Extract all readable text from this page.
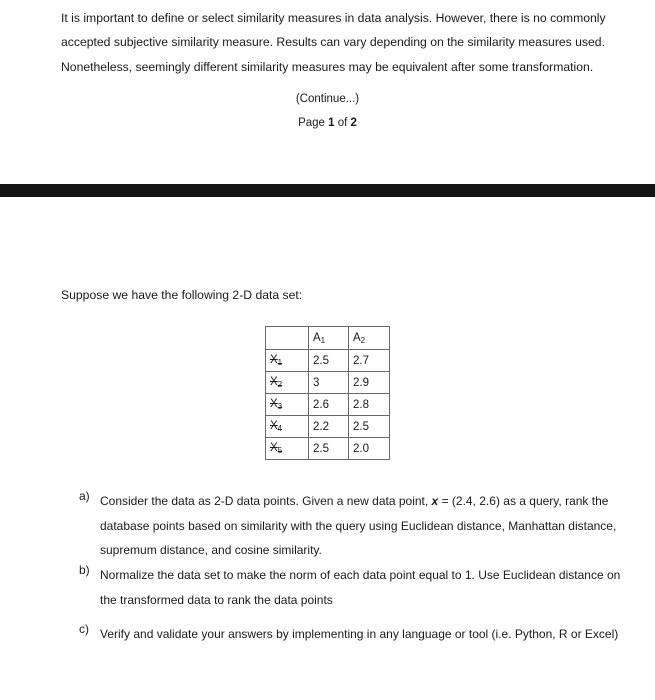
It is important to define or select similarity measures in data analysis. However, there is no commonly accepted subjective similarity measure. Results can vary depending on the similarity measures used. Nonetheless, seemingly different similarity measures may be equivalent after some transformation.
(Continue...)
Page 1 of 2
Suppose we have the following 2-D data set:
	$A_1$	$A_2$
$X_1$	2.5	2.7
$X_2$	3	2.9
$X_3$	2.6	2.8
$X_4$	2.2	2.5
$X_5$	2.5	2.0
a) Consider the data as 2-D data points. Given a new data point, x = (2.4, 2.6) as a query, rank the database points based on similarity with the query using Euclidean distance, Manhattan distance, supremum distance, and cosine similarity.
b) Normalize the data set to make the norm of each data point equal to 1. Use Euclidean distance on the transformed data to rank the data points
c) Verify and validate your answers by implementing in any language or tool (i.e. Python, R or Excel)
